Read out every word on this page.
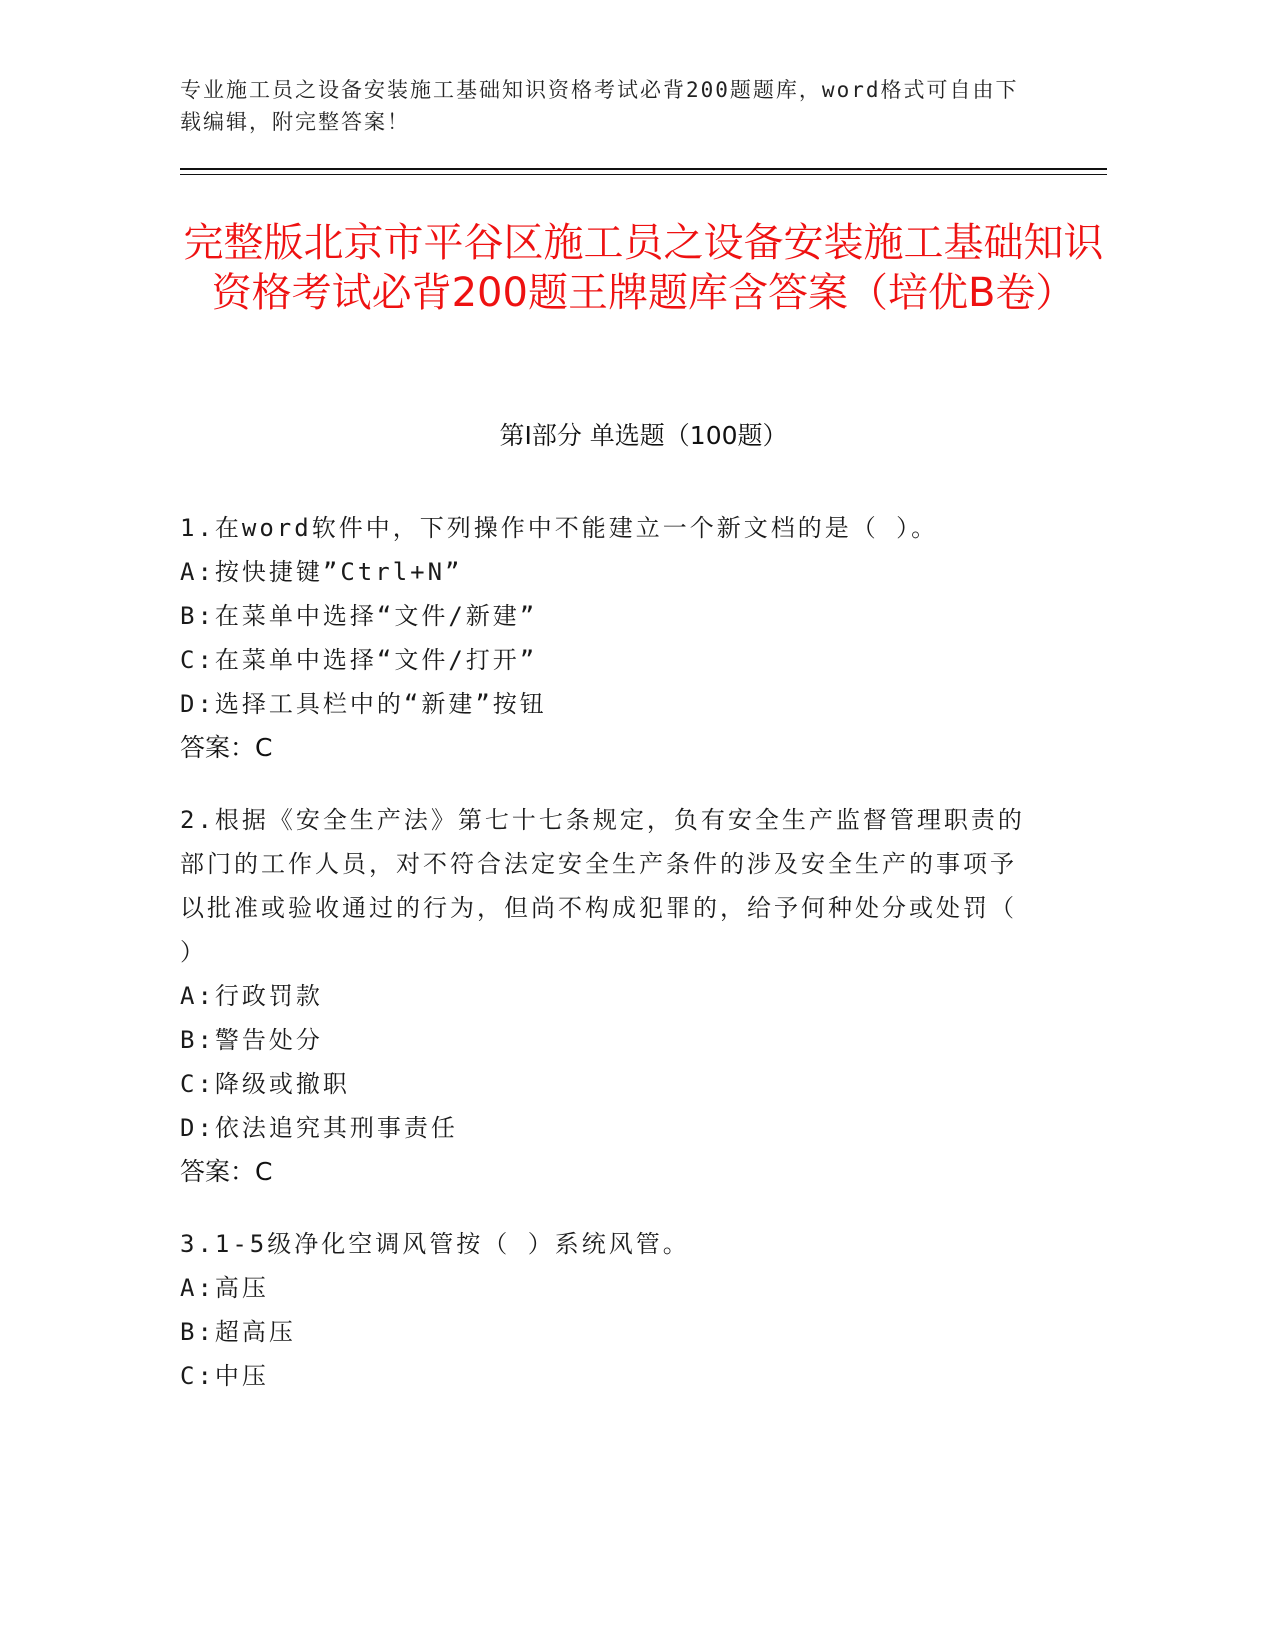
专业施工员之设备安装施工基础知识资格考试必背200题题库，word格式可自由下载编辑，附完整答案！
完整版北京市平谷区施工员之设备安装施工基础知识资格考试必背200题王牌题库含答案（培优B卷）
第I部分 单选题（100题）
1.在word软件中，下列操作中不能建立一个新文档的是（ ）。
A:按快捷键”Ctrl+N”
B:在菜单中选择“文件/新建”
C:在菜单中选择“文件/打开”
D:选择工具栏中的“新建”按钮
答案：C
2.根据《安全生产法》第七十七条规定，负有安全生产监督管理职责的部门的工作人员，对不符合法定安全生产条件的涉及安全生产的事项予以批准或验收通过的行为，但尚不构成犯罪的，给予何种处分或处罚（ ）
A:行政罚款
B:警告处分
C:降级或撤职
D:依法追究其刑事责任
答案：C
3.1-5级净化空调风管按（ ）系统风管。
A:高压
B:超高压
C:中压
